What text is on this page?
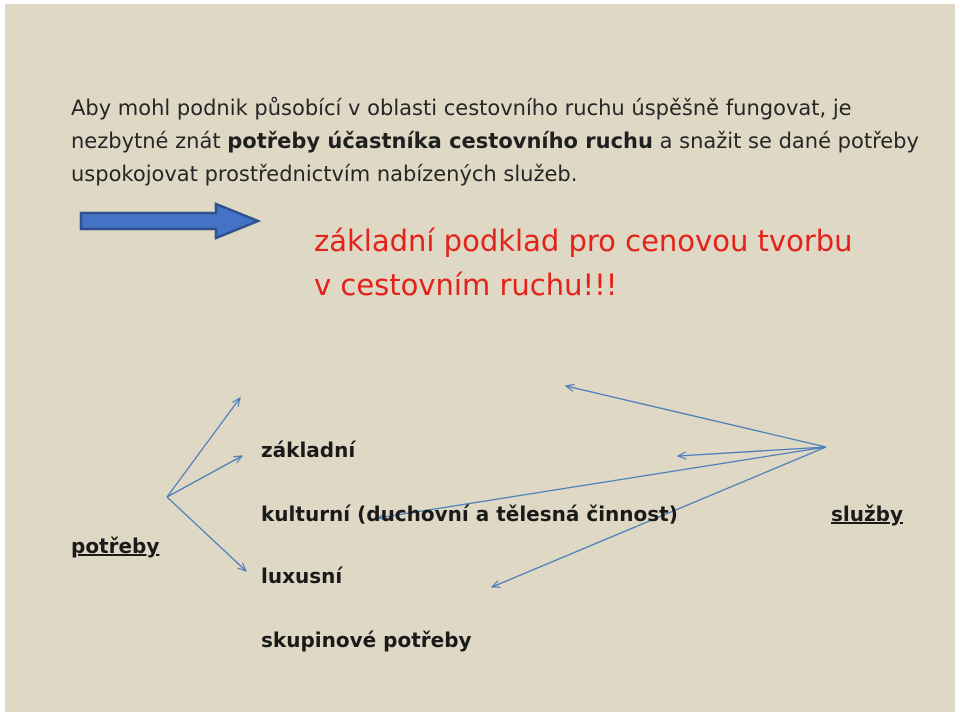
Aby mohl podnik působící v oblasti cestovního ruchu úspěšně fungovat, je nezbytné znát potřeby účastníka cestovního ruchu a snažit se dané potřeby uspokojovat prostřednictvím nabízených služeb.

základní podklad pro cenovou tvorbu
v cestovním ruchu!!!
základní
kulturní (duchovní a tělesná činnost)
luxusní
skupinové potřeby
potřeby
služby
